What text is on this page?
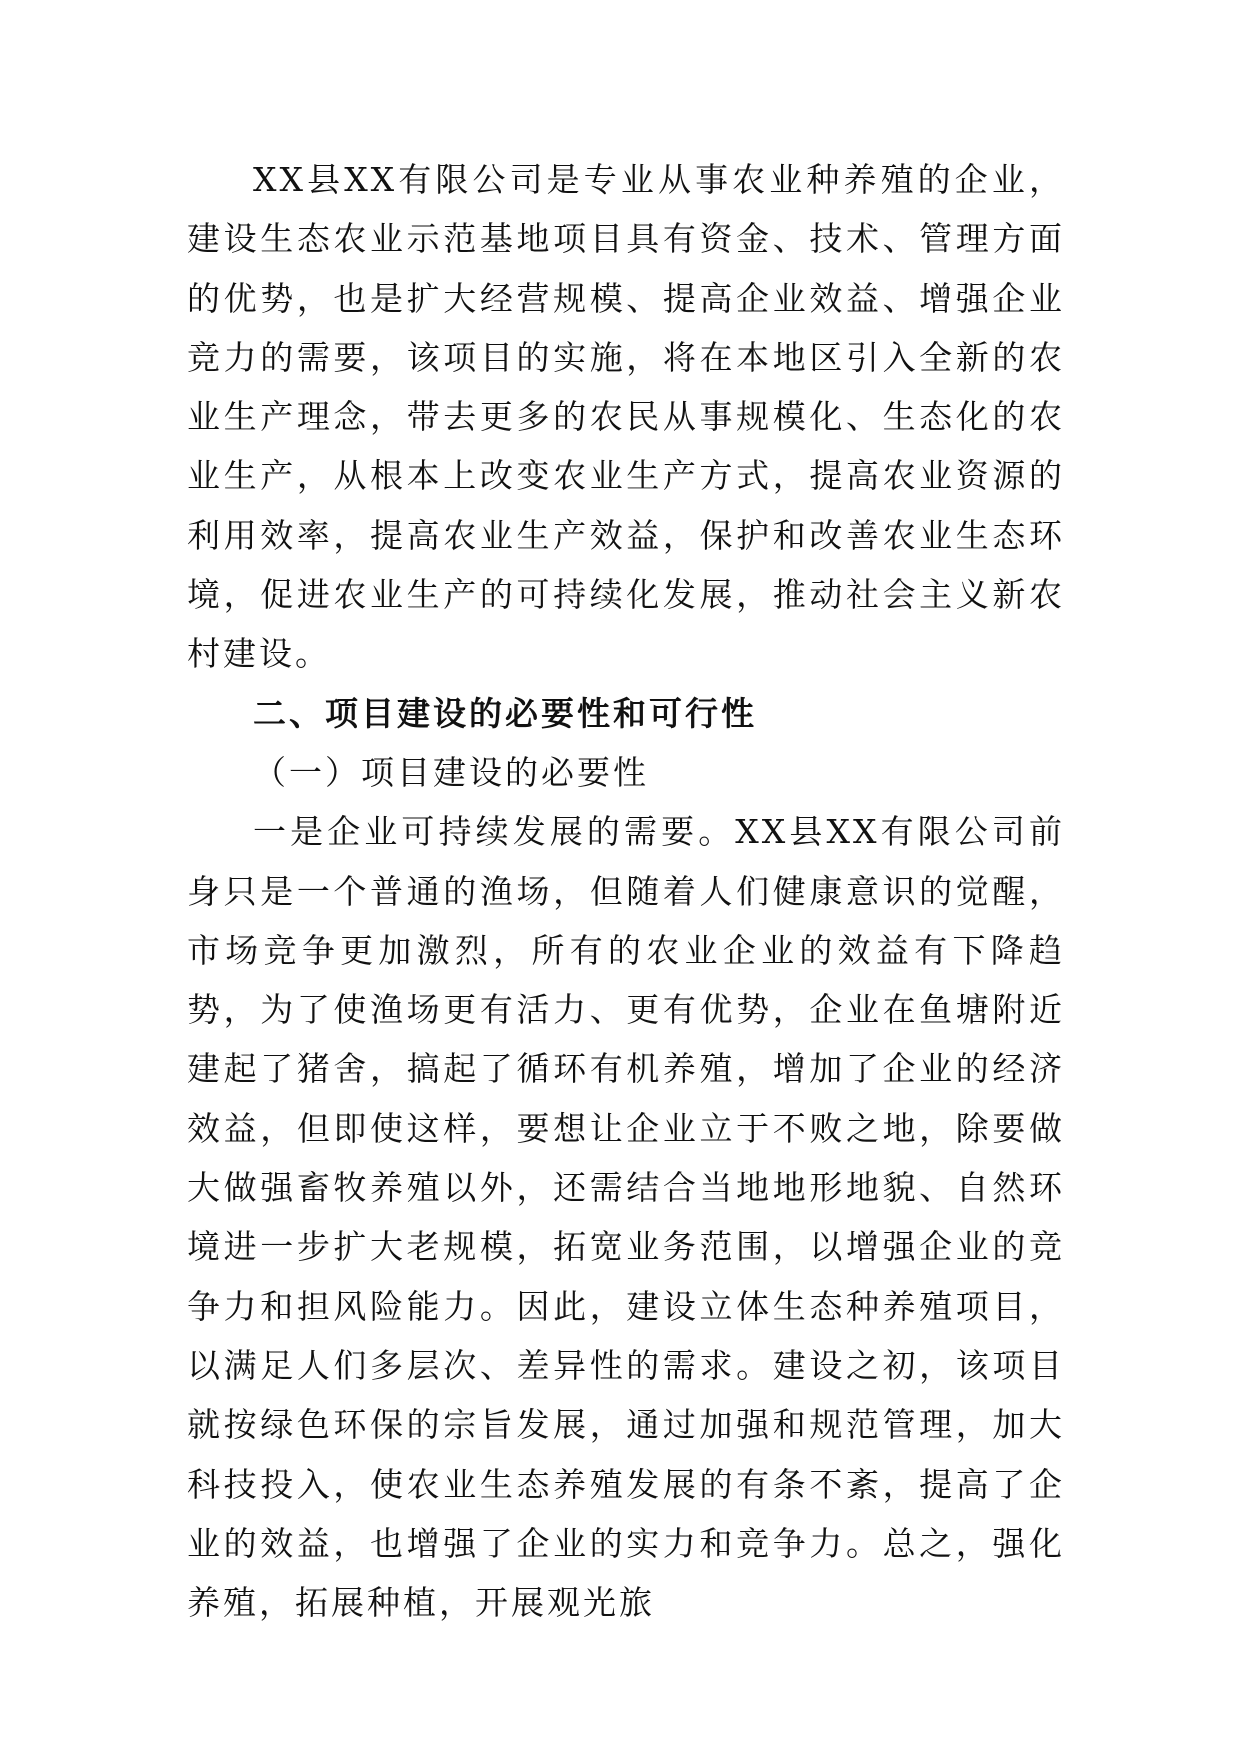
XX县XX有限公司是专业从事农业种养殖的企业，建设生态农业示范基地项目具有资金、技术、管理方面的优势，也是扩大经营规模、提高企业效益、增强企业竞力的需要，该项目的实施，将在本地区引入全新的农业生产理念，带去更多的农民从事规模化、生态化的农业生产，从根本上改变农业生产方式，提高农业资源的利用效率，提高农业生产效益，保护和改善农业生态环境，促进农业生产的可持续化发展，推动社会主义新农村建设。

二、项目建设的必要性和可行性

（一）项目建设的必要性

一是企业可持续发展的需要。XX县XX有限公司前身只是一个普通的渔场，但随着人们健康意识的觉醒，市场竞争更加激烈，所有的农业企业的效益有下降趋势，为了使渔场更有活力、更有优势，企业在鱼塘附近建起了猪舍，搞起了循环有机养殖，增加了企业的经济效益，但即使这样，要想让企业立于不败之地，除要做大做强畜牧养殖以外，还需结合当地地形地貌、自然环境进一步扩大老规模，拓宽业务范围，以增强企业的竞争力和担风险能力。因此，建设立体生态种养殖项目，以满足人们多层次、差异性的需求。建设之初，该项目就按绿色环保的宗旨发展，通过加强和规范管理，加大科技投入，使农业生态养殖发展的有条不紊，提高了企业的效益，也增强了企业的实力和竞争力。总之，强化养殖，拓展种植，开展观光旅
